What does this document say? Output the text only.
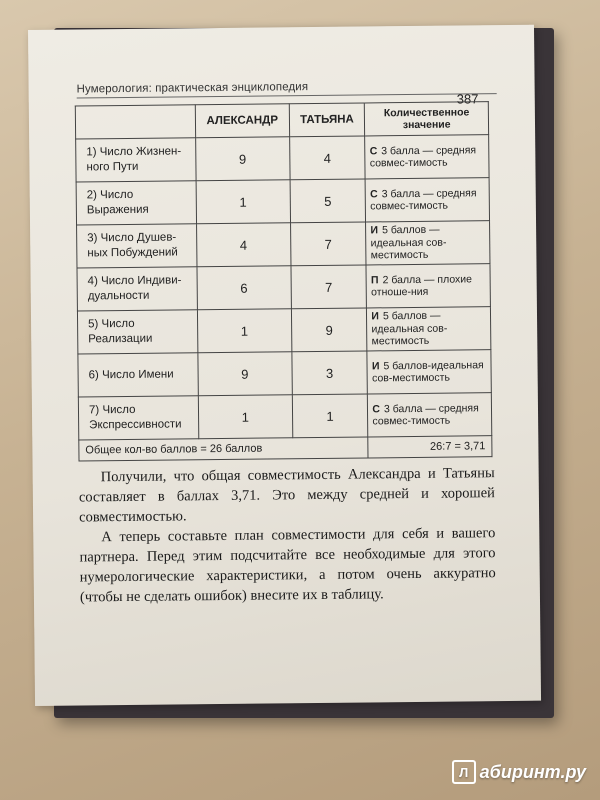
Нумерология: практическая энциклопедия
387
	АЛЕКСАНДР	ТАТЬЯНА	Количественное значение
1) Число Жизнен-ного Пути	9	4	С 3 балла — средняя совмес-тимость
2) Число Выражения	1	5	С 3 балла — средняя совмес-тимость
3) Число Душев-ных Побуждений	4	7	И 5 баллов — идеальная сов-местимость
4) Число Индиви-дуальности	6	7	П 2 балла — плохие отноше-ния
5) Число Реализации	1	9	И 5 баллов — идеальная сов-местимость
6) Число Имени	9	3	И 5 баллов-идеальная сов-местимость
7) Число Экспрессивности	1	1	С 3 балла — средняя совмес-тимость
Общее кол-во баллов = 26 баллов			26:7 = 3,71

Получили, что общая совместимость Александра и Татьяны составляет в баллах 3,71. Это между средней и хорошей совместимостью.

А теперь составьте план совместимости для себя и вашего партнера. Перед этим подсчитайте все необходимые для этого нумерологические характеристики, а потом очень аккуратно (чтобы не сделать ошибок) внесите их в таблицу.

Л абиринт.ру
